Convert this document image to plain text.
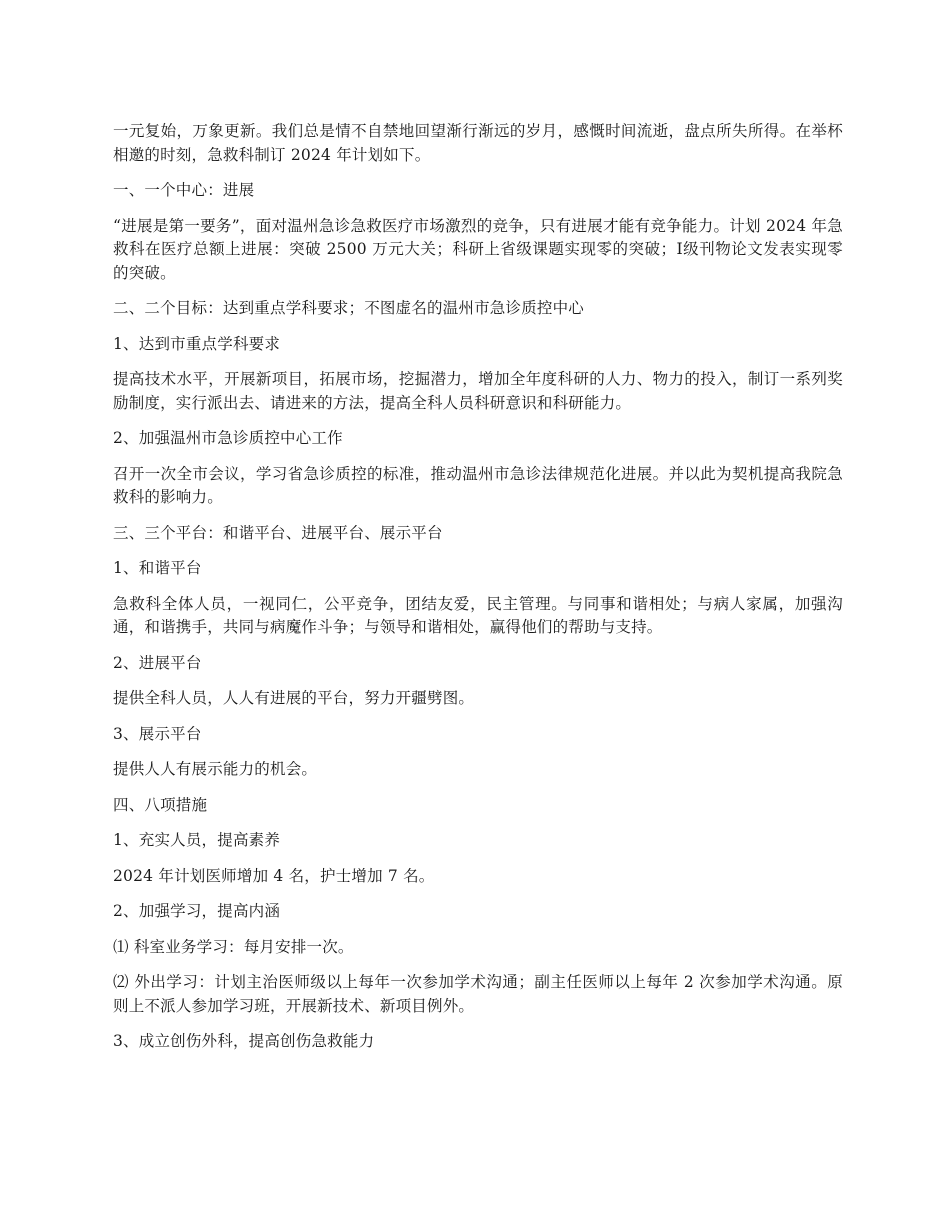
一元复始，万象更新。我们总是情不自禁地回望渐行渐远的岁月，感慨时间流逝，盘点所失所得。在举杯相邀的时刻，急救科制订 2024 年计划如下。

一、一个中心：进展

“进展是第一要务”，面对温州急诊急救医疗市场激烈的竞争，只有进展才能有竞争能力。计划 2024 年急救科在医疗总额上进展：突破 2500 万元大关；科研上省级课题实现零的突破；Ⅰ级刊物论文发表实现零的突破。

二、二个目标：达到重点学科要求；不图虚名的温州市急诊质控中心

1、达到市重点学科要求

提高技术水平，开展新项目，拓展市场，挖掘潜力，增加全年度科研的人力、物力的投入，制订一系列奖励制度，实行派出去、请进来的方法，提高全科人员科研意识和科研能力。

2、加强温州市急诊质控中心工作

召开一次全市会议，学习省急诊质控的标准，推动温州市急诊法律规范化进展。并以此为契机提高我院急救科的影响力。

三、三个平台：和谐平台、进展平台、展示平台

1、和谐平台

急救科全体人员，一视同仁，公平竞争，团结友爱，民主管理。与同事和谐相处；与病人家属，加强沟通，和谐携手，共同与病魔作斗争；与领导和谐相处，赢得他们的帮助与支持。

2、进展平台

提供全科人员，人人有进展的平台，努力开疆劈图。

3、展示平台

提供人人有展示能力的机会。

四、八项措施

1、充实人员，提高素养

2024 年计划医师增加 4 名，护士增加 7 名。

2、加强学习，提高内涵

⑴ 科室业务学习：每月安排一次。

⑵ 外出学习：计划主治医师级以上每年一次参加学术沟通；副主任医师以上每年 2 次参加学术沟通。原则上不派人参加学习班，开展新技术、新项目例外。

3、成立创伤外科，提高创伤急救能力
